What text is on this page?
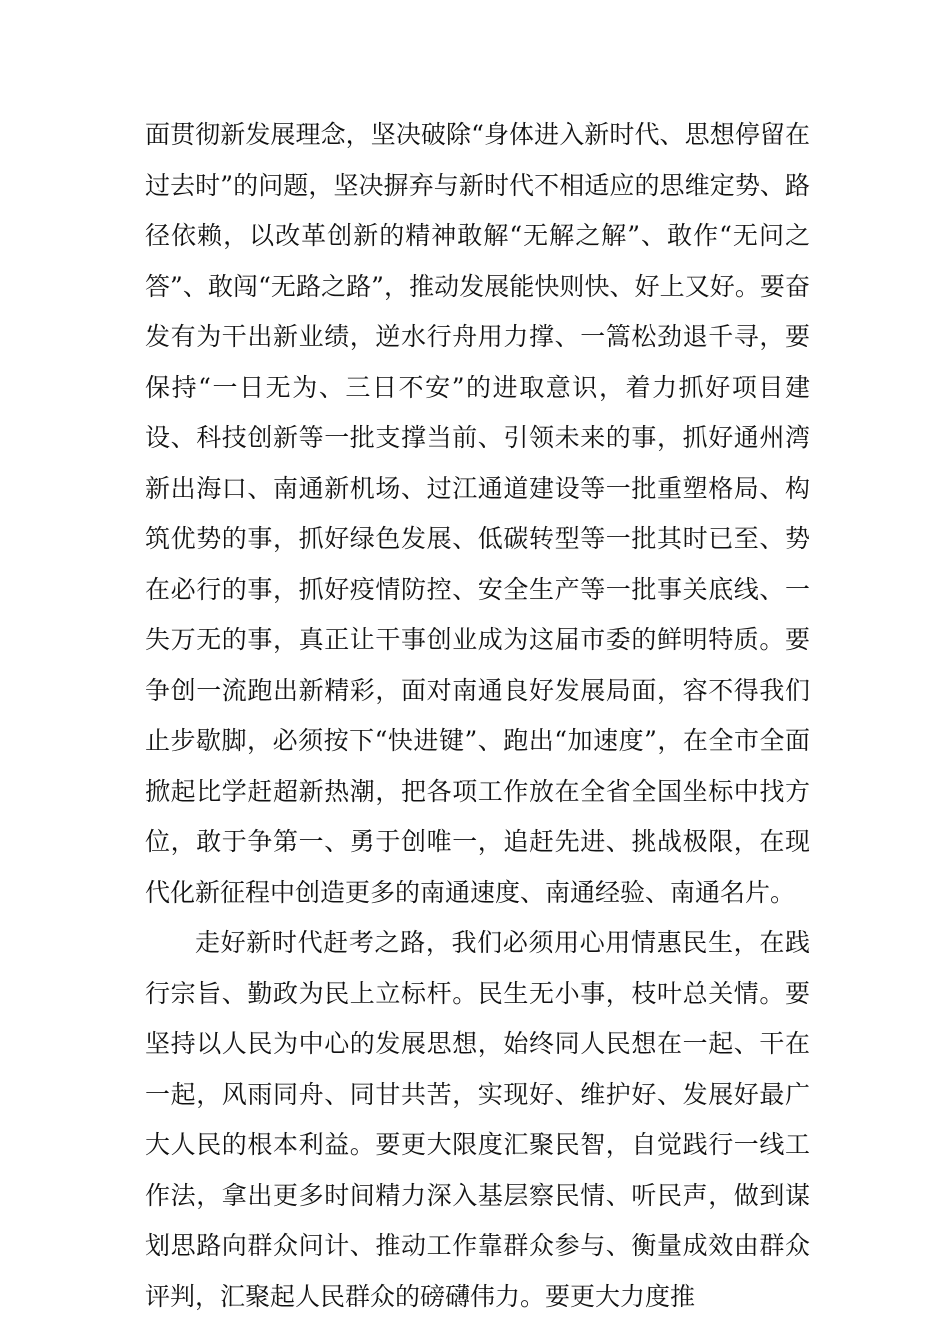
面贯彻新发展理念，坚决破除“身体进入新时代、思想停留在过去时”的问题，坚决摒弃与新时代不相适应的思维定势、路径依赖，以改革创新的精神敢解“无解之解”、敢作“无问之答”、敢闯“无路之路”，推动发展能快则快、好上又好。要奋发有为干出新业绩，逆水行舟用力撑、一篙松劲退千寻，要保持“一日无为、三日不安”的进取意识，着力抓好项目建设、科技创新等一批支撑当前、引领未来的事，抓好通州湾新出海口、南通新机场、过江通道建设等一批重塑格局、构筑优势的事，抓好绿色发展、低碳转型等一批其时已至、势在必行的事，抓好疫情防控、安全生产等一批事关底线、一失万无的事，真正让干事创业成为这届市委的鲜明特质。要争创一流跑出新精彩，面对南通良好发展局面，容不得我们止步歇脚，必须按下“快进键”、跑出“加速度”，在全市全面掀起比学赶超新热潮，把各项工作放在全省全国坐标中找方位，敢于争第一、勇于创唯一，追赶先进、挑战极限，在现代化新征程中创造更多的南通速度、南通经验、南通名片。

走好新时代赶考之路，我们必须用心用情惠民生，在践行宗旨、勤政为民上立标杆。民生无小事，枝叶总关情。要坚持以人民为中心的发展思想，始终同人民想在一起、干在一起，风雨同舟、同甘共苦，实现好、维护好、发展好最广大人民的根本利益。要更大限度汇聚民智，自觉践行一线工作法，拿出更多时间精力深入基层察民情、听民声，做到谋划思路向群众问计、推动工作靠群众参与、衡量成效由群众评判，汇聚起人民群众的磅礴伟力。要更大力度推
